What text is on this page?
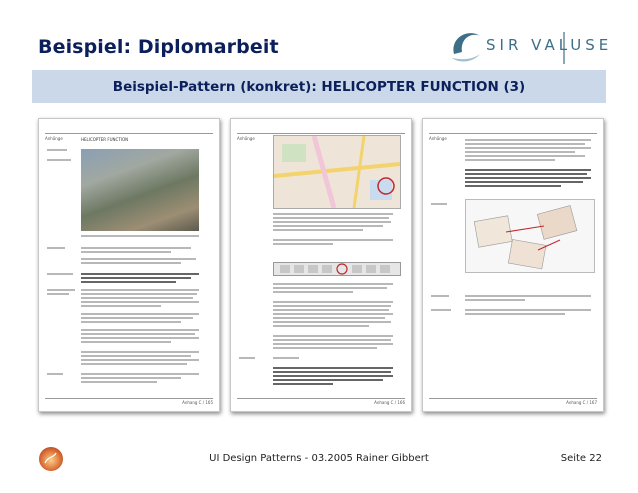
Beispiel: Diplomarbeit	SIR VALUSE
Beispiel-Pattern (konkret): HELICOPTER FUNCTION (3)
Anhänge	HELICOPTER FUNCTION
Anhang C / 165
Anhänge
Anhang C / 166
Anhänge
Anhang C / 167
UI Design Patterns - 03.2005 Rainer Gibbert	Seite 22
